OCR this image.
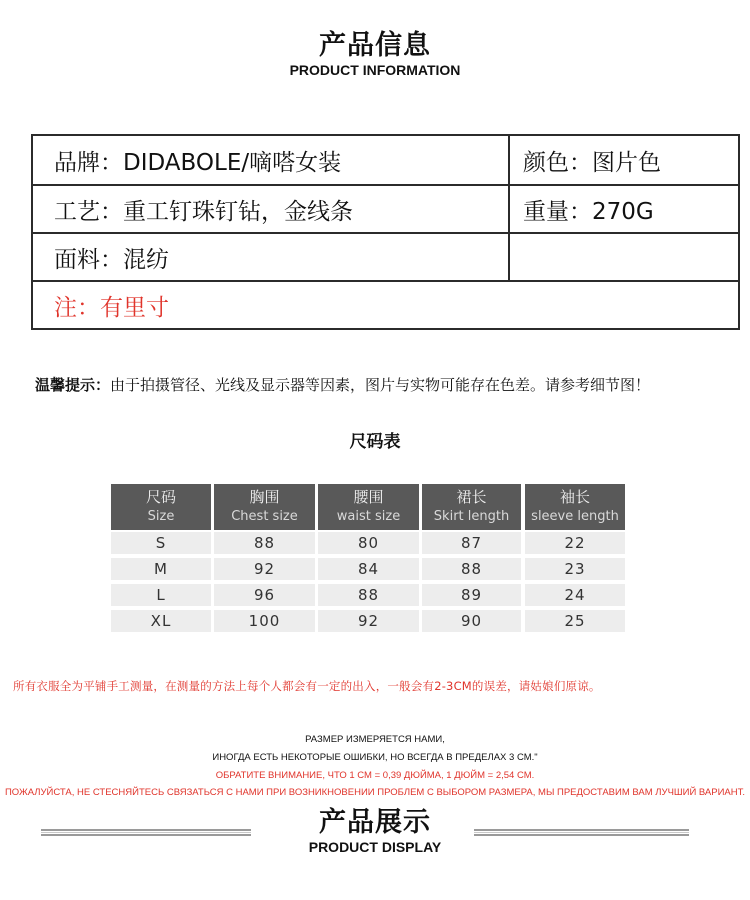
产品信息
PRODUCT INFORMATION
品牌：DIDABOLE/嘀嗒女装	颜色：图片色
工艺：重工钉珠钉钻，金线条	重量：270G
面料：混纺
注：有里寸
温馨提示：由于拍摄管径、光线及显示器等因素，图片与实物可能存在色差。请参考细节图！
尺码表
尺码
Size
S
M
L
XL
胸围
Chest size
88
92
96
100
腰围
waist size
80
84
88
92
裙长
Skirt length
87
88
89
90
袖长
sleeve length
22
23
24
25
所有衣服全为平铺手工测量，在测量的方法上每个人都会有一定的出入，一般会有2-3CM的误差，请姑娘们原谅。
РАЗМЕР ИЗМЕРЯЕТСЯ НАМИ,
ИНОГДА ЕСТЬ НЕКОТОРЫЕ ОШИБКИ, НО ВСЕГДА В ПРЕДЕЛАХ 3 СМ."
ОБРАТИТЕ ВНИМАНИЕ, ЧТО 1 СМ = 0,39 ДЮЙМА, 1 ДЮЙМ = 2,54 СМ.
ПОЖАЛУЙСТА, НЕ СТЕСНЯЙТЕСЬ СВЯЗАТЬСЯ С НАМИ ПРИ ВОЗНИКНОВЕНИИ ПРОБЛЕМ С ВЫБОРОМ РАЗМЕРА, МЫ ПРЕДОСТАВИМ ВАМ ЛУЧШИЙ ВАРИАНТ.
产品展示
PRODUCT DISPLAY
